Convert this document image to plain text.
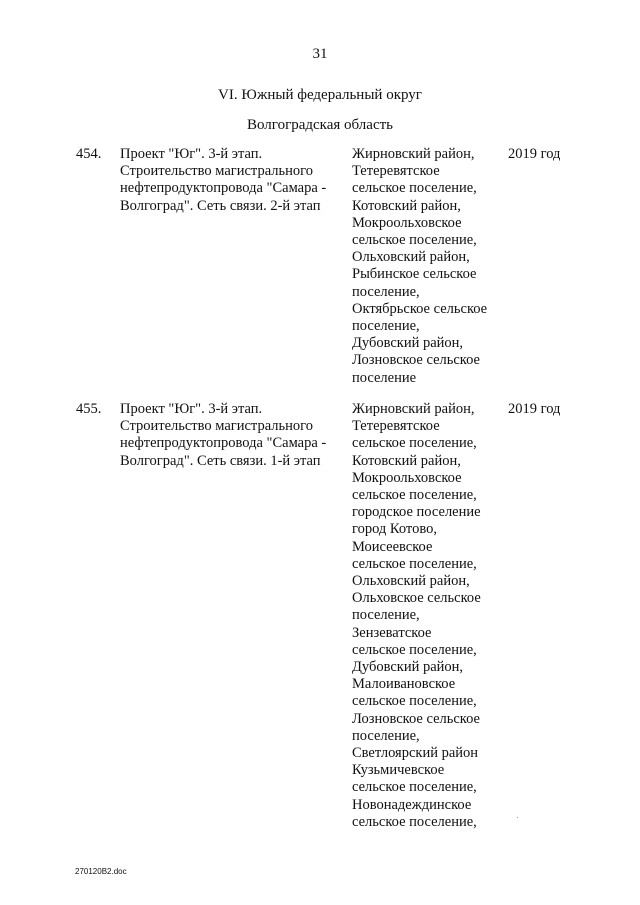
31
VI. Южный федеральный округ
Волгоградская область
454. Проект "Юг". 3-й этап.
Строительство магистрального
нефтепродуктопровода "Самара -
Волгоград". Сеть связи. 2-й этап
Жирновский район,
Тетеревятское
сельское поселение,
Котовский район,
Мокроольховское
сельское поселение,
Ольховский район,
Рыбинское сельское
поселение,
Октябрьское сельское
поселение,
Дубовский район,
Лозновское сельское
поселение
2019 год
455. Проект "Юг". 3-й этап.
Строительство магистрального
нефтепродуктопровода "Самара -
Волгоград". Сеть связи. 1-й этап
Жирновский район,
Тетеревятское
сельское поселение,
Котовский район,
Мокроольховское
сельское поселение,
городское поселение
город Котово,
Моисеевское
сельское поселение,
Ольховский район,
Ольховское сельское
поселение,
Зензеватское
сельское поселение,
Дубовский район,
Малоивановское
сельское поселение,
Лозновское сельское
поселение,
Светлоярский район
Кузьмичевское
сельское поселение,
Новонадеждинское
сельское поселение,
2019 год
270120B2.doc
